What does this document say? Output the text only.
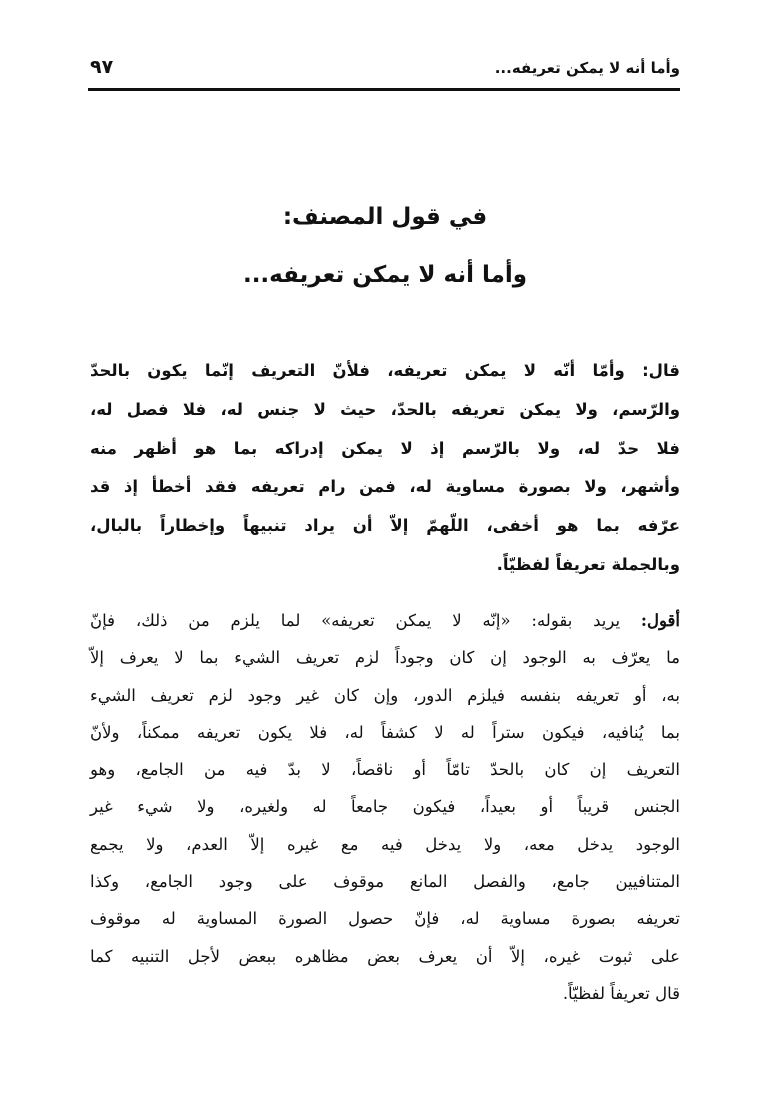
وأما أنه لا يمكن تعريفه...
٩٧
في قول المصنف:
وأما أنه لا يمكن تعريفه...
قال: وأمّا أنّه لا يمكن تعريفه، فلأنّ التعريف إنّما يكون بالحدّ
والرّسم، ولا يمكن تعريفه بالحدّ، حيث لا جنس له، فلا فصل له،
فلا حدّ له، ولا بالرّسم إذ لا يمكن إدراكه بما هو أظهر منه
وأشهر، ولا بصورة مساوية له، فمن رام تعريفه فقد أخطأ إذ قد
عرّفه بما هو أخفى، اللّهمّ إلاّ أن يراد تنبيهاً وإخطاراً بالبال،
وبالجملة تعريفاً لفظيّاً.
أقول: يريد بقوله: «إنّه لا يمكن تعريفه» لما يلزم من ذلك، فإنّ
ما يعرّف به الوجود إن كان وجوداً لزم تعريف الشيء بما لا يعرف إلاّ
به، أو تعريفه بنفسه فيلزم الدور، وإن كان غير وجود لزم تعريف الشيء
بما يُنافيه، فيكون ستراً له لا كشفاً له، فلا يكون تعريفه ممكناً، ولأنّ
التعريف إن كان بالحدّ تامّاً أو ناقصاً، لا بدّ فيه من الجامع، وهو
الجنس قريباً أو بعيداً، فيكون جامعاً له ولغيره، ولا شيء غير
الوجود يدخل معه، ولا يدخل فيه مع غيره إلاّ العدم، ولا يجمع
المتنافيين جامع، والفصل المانع موقوف على وجود الجامع، وكذا
تعريفه بصورة مساوية له، فإنّ حصول الصورة المساوية له موقوف
على ثبوت غيره، إلاّ أن يعرف بعض مظاهره ببعض لأجل التنبيه كما
قال تعريفاً لفظيّاً.
